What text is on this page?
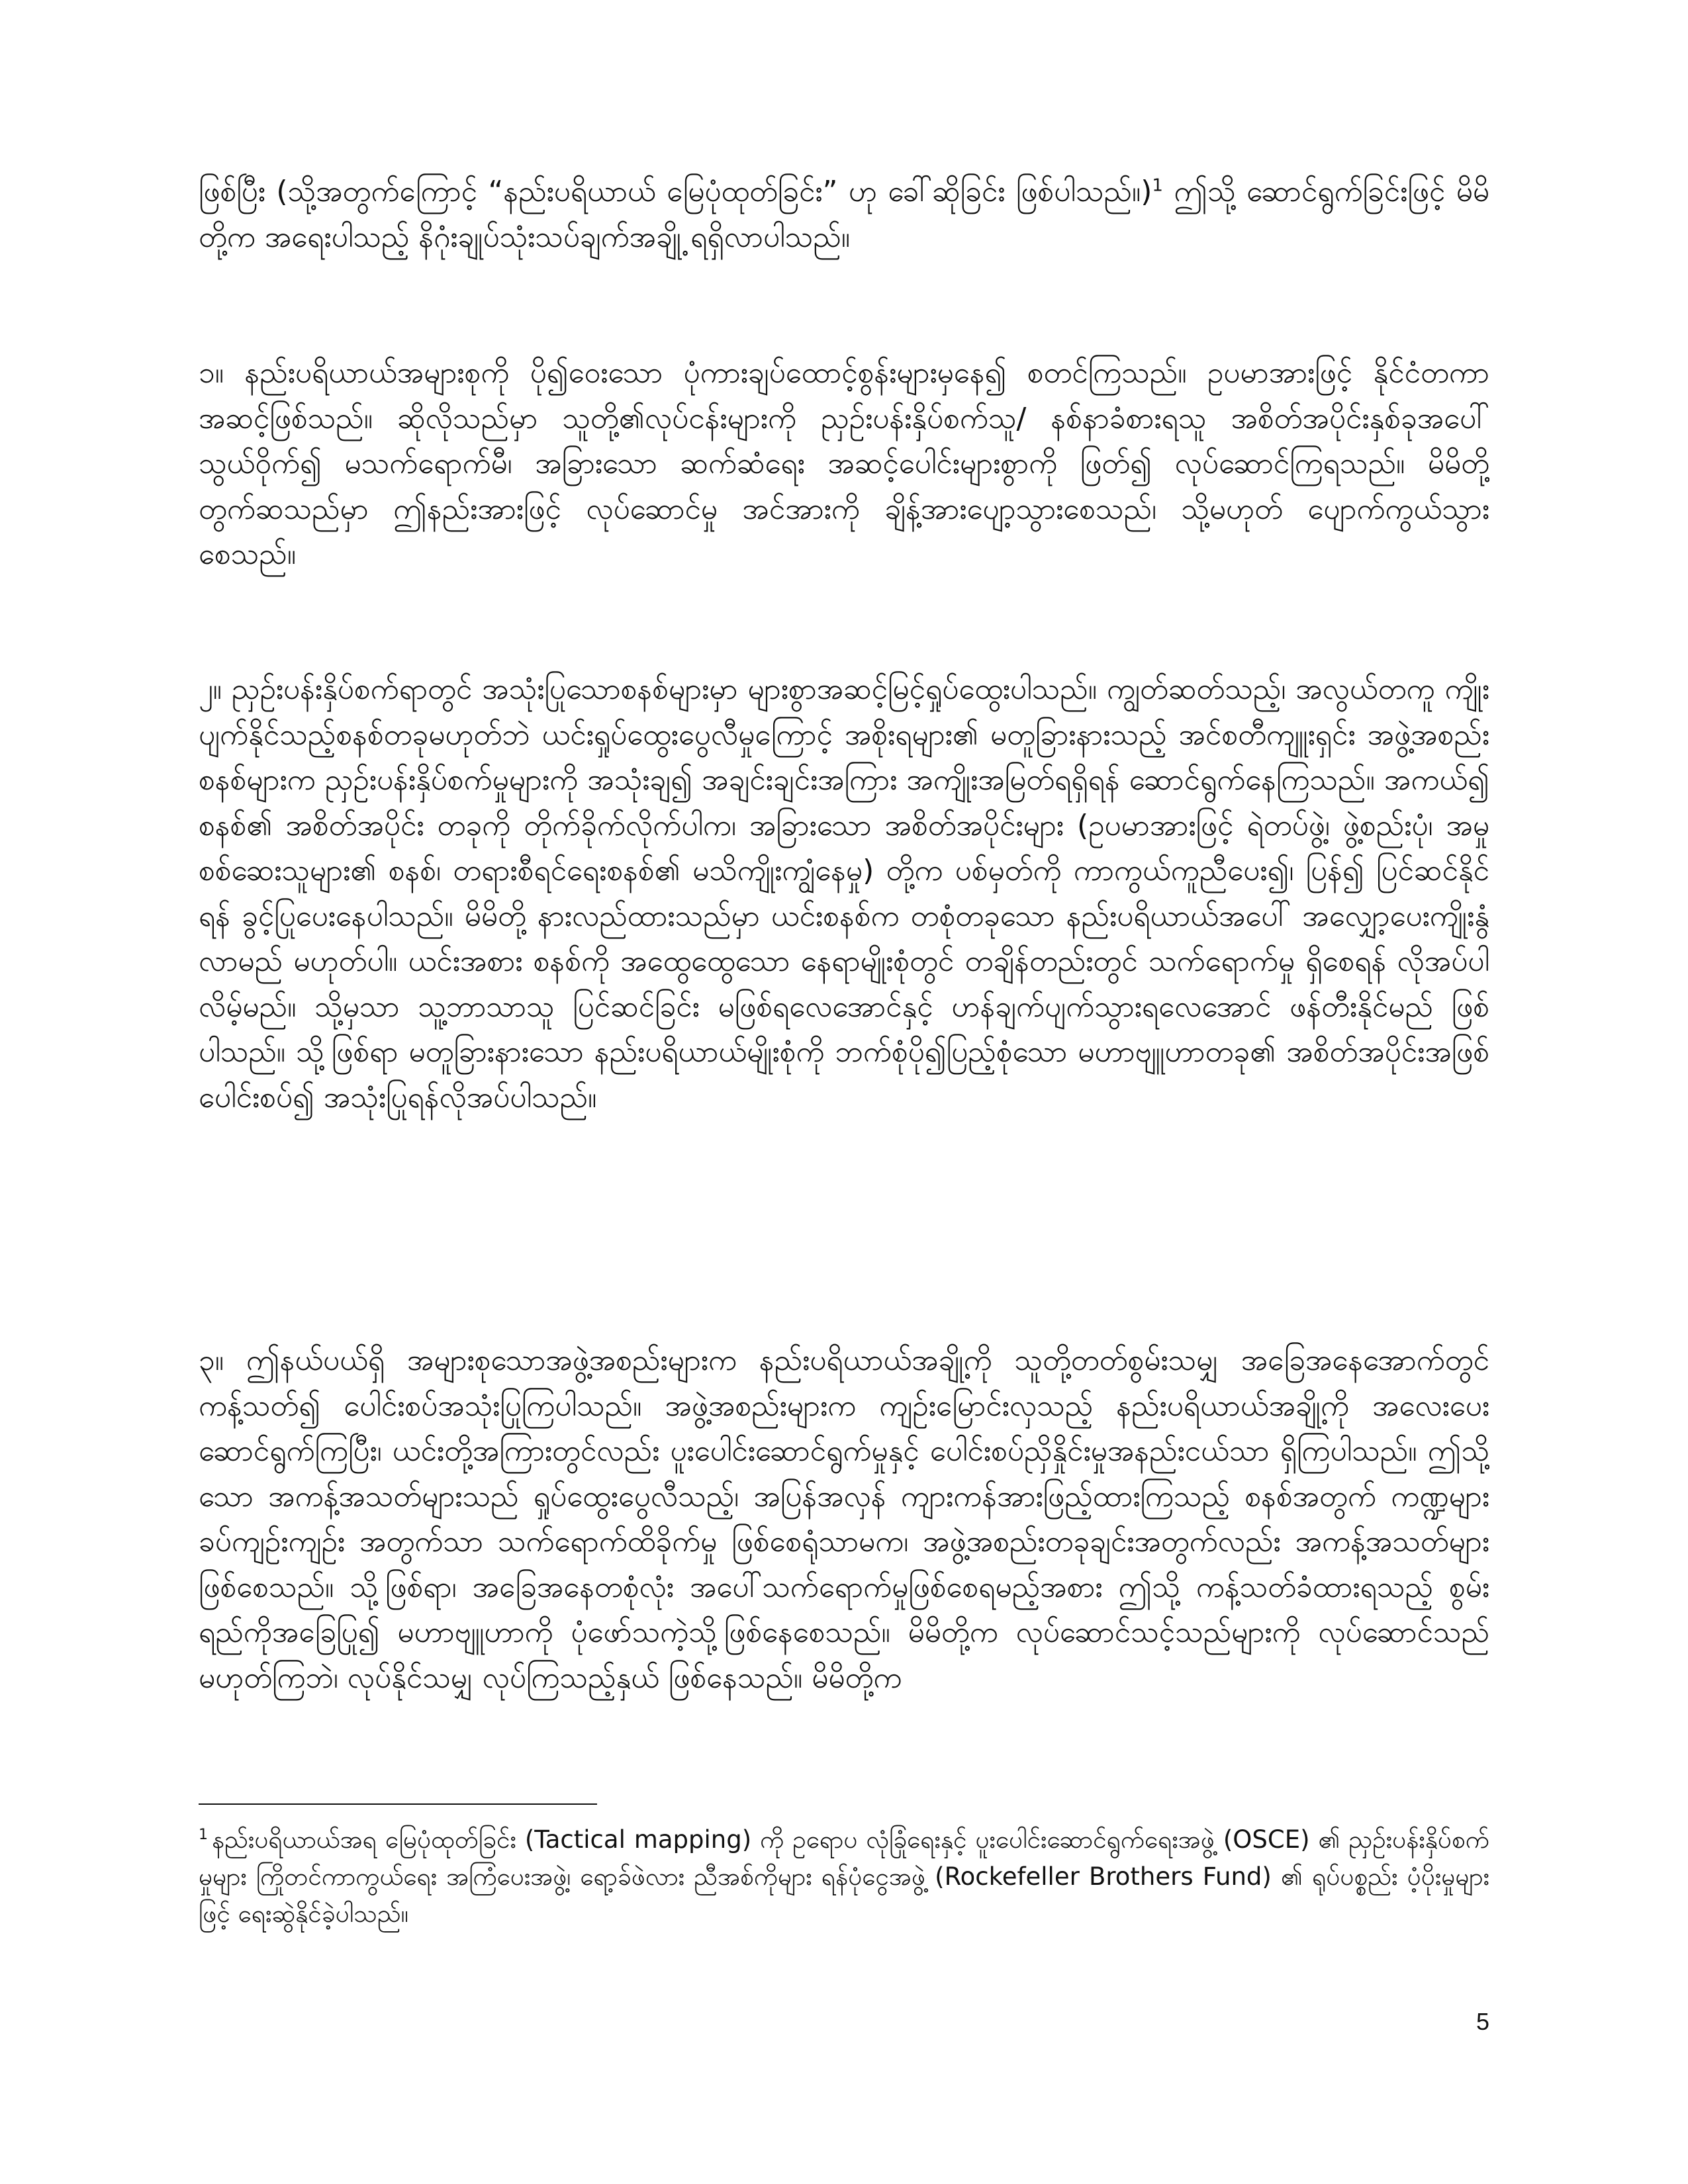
ဖြစ်ပြီး (သို့အတွက်ကြောင့် “နည်းပရိယာယ် မြေပုံထုတ်ခြင်း” ဟု ခေါ်ဆိုခြင်း ဖြစ်ပါသည်။)$^1$ ဤသို့ ဆောင်ရွက်ခြင်းဖြင့် မိမိတို့က အရေးပါသည့် နိဂုံးချုပ်သုံးသပ်ချက်အချို့ ရရှိလာပါသည်။

၁။ နည်းပရိယာယ်အများစုကို ပို၍ဝေးသော ပုံကားချပ်ထောင့်စွန်းများမှနေ၍ စတင်ကြသည်။ ဥပမာအားဖြင့် နိုင်ငံတကာအဆင့်ဖြစ်သည်။ ဆိုလိုသည်မှာ သူတို့၏လုပ်ငန်းများကို ညှဉ်းပန်းနှိပ်စက်သူ/ နစ်နာခံစားရသူ အစိတ်အပိုင်းနှစ်ခုအပေါ် သွယ်ဝိုက်၍ မသက်ရောက်မီ၊ အခြားသော ဆက်ဆံရေး အဆင့်ပေါင်းများစွာကို ဖြတ်၍ လုပ်ဆောင်ကြရသည်။ မိမိတို့တွက်ဆသည်မှာ ဤနည်းအားဖြင့် လုပ်ဆောင်မှု အင်အားကို ချိန့်အားပျော့သွားစေသည်၊ သို့မဟုတ် ပျောက်ကွယ်သွားစေသည်။

၂။ ညှဉ်းပန်းနှိပ်စက်ရာတွင် အသုံးပြုသောစနစ်များမှာ များစွာအဆင့်မြင့်ရှုပ်ထွေးပါသည်။ ကျွတ်ဆတ်သည့်၊ အလွယ်တကူ ကျိုးပျက်နိုင်သည့်စနစ်တခုမဟုတ်ဘဲ ယင်းရှုပ်ထွေးပွေလီမှုကြောင့် အစိုးရများ၏ မတူခြားနားသည့် အင်စတီကျူးရှင်း အဖွဲ့အစည်းစနစ်များက ညှဉ်းပန်းနှိပ်စက်မှုများကို အသုံးချ၍ အချင်းချင်းအကြား အကျိုးအမြတ်ရရှိရန် ဆောင်ရွက်နေကြသည်။ အကယ်၍ စနစ်၏ အစိတ်အပိုင်း တခုကို တိုက်ခိုက်လိုက်ပါက၊ အခြားသော အစိတ်အပိုင်းများ (ဥပမာအားဖြင့် ရဲတပ်ဖွဲ့၊ ဖွဲ့စည်းပုံ၊ အမှုစစ်ဆေးသူများ၏ စနစ်၊ တရားစီရင်ရေးစနစ်၏ မသိကျိုးကျွံနေမှု) တို့က ပစ်မှတ်ကို ကာကွယ်ကူညီပေး၍၊ ပြန်၍ ပြင်ဆင်နိုင်ရန် ခွင့်ပြုပေးနေပါသည်။ မိမိတို့ နားလည်ထားသည်မှာ ယင်းစနစ်က တစုံတခုသော နည်းပရိယာယ်အပေါ် အလျှော့ပေးကျိုးနွံလာမည် မဟုတ်ပါ။ ယင်းအစား စနစ်ကို အထွေထွေသော နေရာမျိုးစုံတွင် တချိန်တည်းတွင် သက်ရောက်မှု ရှိစေရန် လိုအပ်ပါလိမ့်မည်။ သို့မှသာ သူ့ဘာသာသူ ပြင်ဆင်ခြင်း မဖြစ်ရလေအောင်နှင့် ဟန်ချက်ပျက်သွားရလေအောင် ဖန်တီးနိုင်မည် ဖြစ်ပါသည်။ သို့ဖြစ်ရာ မတူခြားနားသော နည်းပရိယာယ်မျိုးစုံကို ဘက်စုံပို၍ပြည့်စုံသော မဟာဗျူဟာတခု၏ အစိတ်အပိုင်းအဖြစ် ပေါင်းစပ်၍ အသုံးပြုရန်လိုအပ်ပါသည်။

၃။ ဤနယ်ပယ်ရှိ အများစုသောအဖွဲ့အစည်းများက နည်းပရိယာယ်အချို့ကို သူတို့တတ်စွမ်းသမျှ အခြေအနေအောက်တွင် ကန့်သတ်၍ ပေါင်းစပ်အသုံးပြုကြပါသည်။ အဖွဲ့အစည်းများက ကျဉ်းမြောင်းလှသည့် နည်းပရိယာယ်အချို့ကို အလေးပေးဆောင်ရွက်ကြပြီး၊ ယင်းတို့အကြားတွင်လည်း ပူးပေါင်းဆောင်ရွက်မှုနှင့် ပေါင်းစပ်ညှိနှိုင်းမှုအနည်းငယ်သာ ရှိကြပါသည်။ ဤသို့သော အကန့်အသတ်များသည် ရှုပ်ထွေးပွေလီသည့်၊ အပြန်အလှန် ကျားကန်အားဖြည့်ထားကြသည့် စနစ်အတွက် ကဏ္ဍများ ခပ်ကျဉ်းကျဉ်း အတွက်သာ သက်ရောက်ထိခိုက်မှု ဖြစ်စေရုံသာမက၊ အဖွဲ့အစည်းတခုချင်းအတွက်လည်း အကန့်အသတ်များ ဖြစ်စေသည်။ သို့ဖြစ်ရာ၊ အခြေအနေတစုံလုံး အပေါ်သက်ရောက်မှုဖြစ်စေရမည့်အစား ဤသို့ ကန့်သတ်ခံထားရသည့် စွမ်းရည်ကိုအခြေပြု၍ မဟာဗျူဟာကို ပုံဖော်သကဲ့သို့ဖြစ်နေစေသည်။ မိမိတို့က လုပ်ဆောင်သင့်သည်များကို လုပ်ဆောင်သည် မဟုတ်ကြဘဲ၊ လုပ်နိုင်သမျှ လုပ်ကြသည့်နှယ် ဖြစ်နေသည်။ မိမိတို့က

$^1$ နည်းပရိယာယ်အရ မြေပုံထုတ်ခြင်း (Tactical mapping) ကို ဥရောပ လုံခြုံရေးနှင့် ပူးပေါင်းဆောင်ရွက်ရေးအဖွဲ့ (OSCE) ၏ ညှဉ်းပန်းနှိပ်စက်မှုများ ကြိုတင်ကာကွယ်ရေး အကြံပေးအဖွဲ့၊ ရော့ခ်ဖဲလား ညီအစ်ကိုများ ရန်ပုံငွေအဖွဲ့ (Rockefeller Brothers Fund) ၏ ရုပ်ပစ္စည်း ပံ့ပိုးမှုများဖြင့် ရေးဆွဲနိုင်ခဲ့ပါသည်။

5
